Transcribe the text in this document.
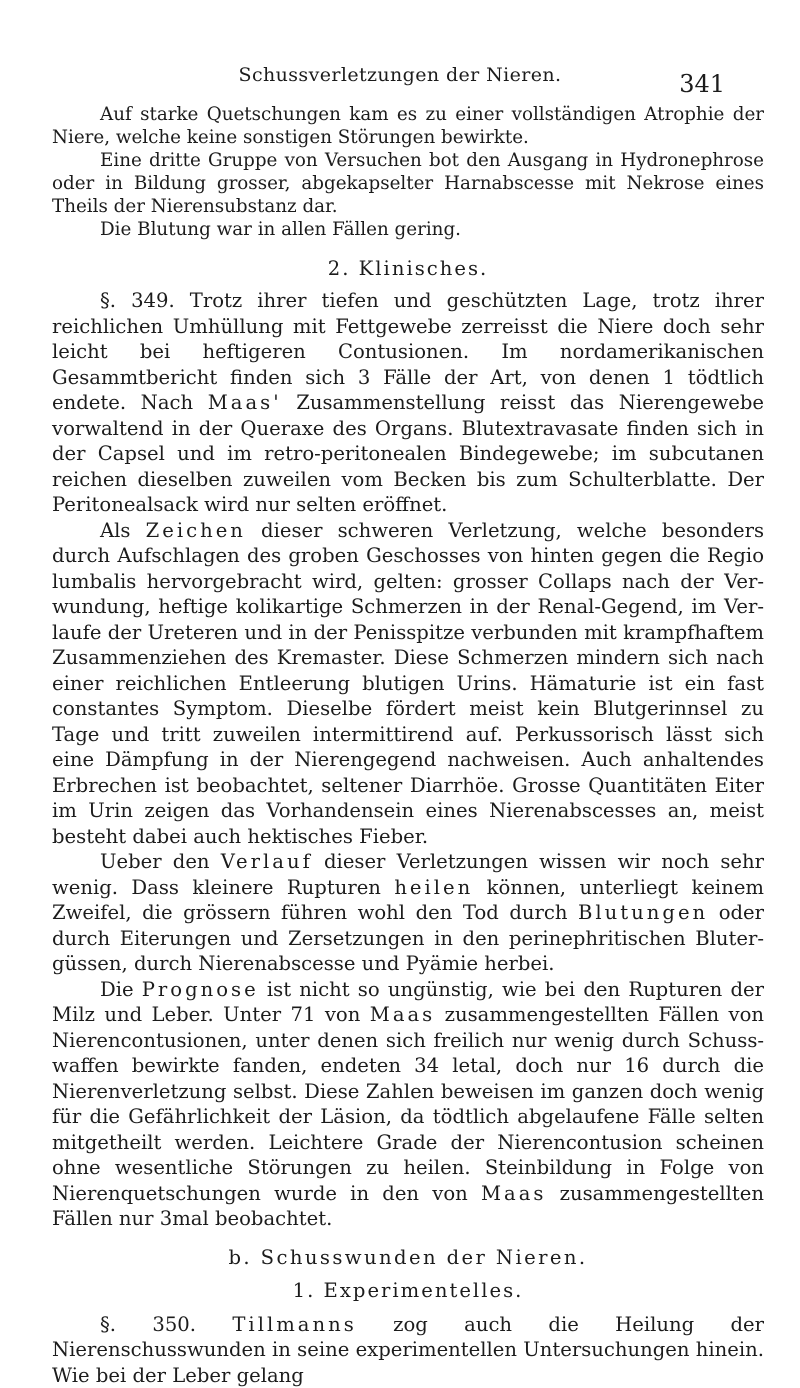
Schussverletzungen der Nieren.	341

Auf starke Quetschungen kam es zu einer vollständigen Atrophie der Niere, welche keine sonstigen Störungen bewirkte.

Eine dritte Gruppe von Versuchen bot den Ausgang in Hydronephrose oder in Bildung grosser, abgekapselter Harnabscesse mit Nekrose eines Theils der Nierensubstanz dar.

Die Blutung war in allen Fällen gering.

2. Klinisches.

§. 349. Trotz ihrer tiefen und geschützten Lage, trotz ihrer reichlichen Umhüllung mit Fettgewebe zerreisst die Niere doch sehr leicht bei heftigeren Contusionen. Im nordamerikanischen Gesammtbericht finden sich 3 Fälle der Art, von denen 1 tödtlich endete. Nach Maas' Zusammenstellung reisst das Nierengewebe vorwaltend in der Queraxe des Organs. Blutextravasate finden sich in der Capsel und im retro-peritonealen Bindegewebe; im subcutanen reichen dieselben zuweilen vom Becken bis zum Schulterblatte. Der Peritonealsack wird nur selten eröffnet.

Als Zeichen dieser schweren Verletzung, welche besonders durch Aufschlagen des groben Geschosses von hinten gegen die Regio lumbalis hervorgebracht wird, gelten: grosser Collaps nach der Ver-wundung, heftige kolikartige Schmerzen in der Renal-Gegend, im Ver-laufe der Ureteren und in der Penisspitze verbunden mit krampfhaftem Zusammenziehen des Kremaster. Diese Schmerzen mindern sich nach einer reichlichen Entleerung blutigen Urins. Hämaturie ist ein fast constantes Symptom. Dieselbe fördert meist kein Blutgerinnsel zu Tage und tritt zuweilen intermittirend auf. Perkussorisch lässt sich eine Dämpfung in der Nierengegend nachweisen. Auch anhaltendes Erbrechen ist beobachtet, seltener Diarrhöe. Grosse Quantitäten Eiter im Urin zeigen das Vorhandensein eines Nierenabscesses an, meist besteht dabei auch hektisches Fieber.

Ueber den Verlauf dieser Verletzungen wissen wir noch sehr wenig. Dass kleinere Rupturen heilen können, unterliegt keinem Zweifel, die grössern führen wohl den Tod durch Blutungen oder durch Eiterungen und Zersetzungen in den perinephritischen Bluter-güssen, durch Nierenabscesse und Pyämie herbei.

Die Prognose ist nicht so ungünstig, wie bei den Rupturen der Milz und Leber. Unter 71 von Maas zusammengestellten Fällen von Nierencontusionen, unter denen sich freilich nur wenig durch Schuss-waffen bewirkte fanden, endeten 34 letal, doch nur 16 durch die Nierenverletzung selbst. Diese Zahlen beweisen im ganzen doch wenig für die Gefährlichkeit der Läsion, da tödtlich abgelaufene Fälle selten mitgetheilt werden. Leichtere Grade der Nierencontusion scheinen ohne wesentliche Störungen zu heilen. Steinbildung in Folge von Nierenquetschungen wurde in den von Maas zusammengestellten Fällen nur 3mal beobachtet.

b. Schusswunden der Nieren.
1. Experimentelles.

§. 350. Tillmanns zog auch die Heilung der Nierenschusswunden in seine experimentellen Untersuchungen hinein. Wie bei der Leber gelang
